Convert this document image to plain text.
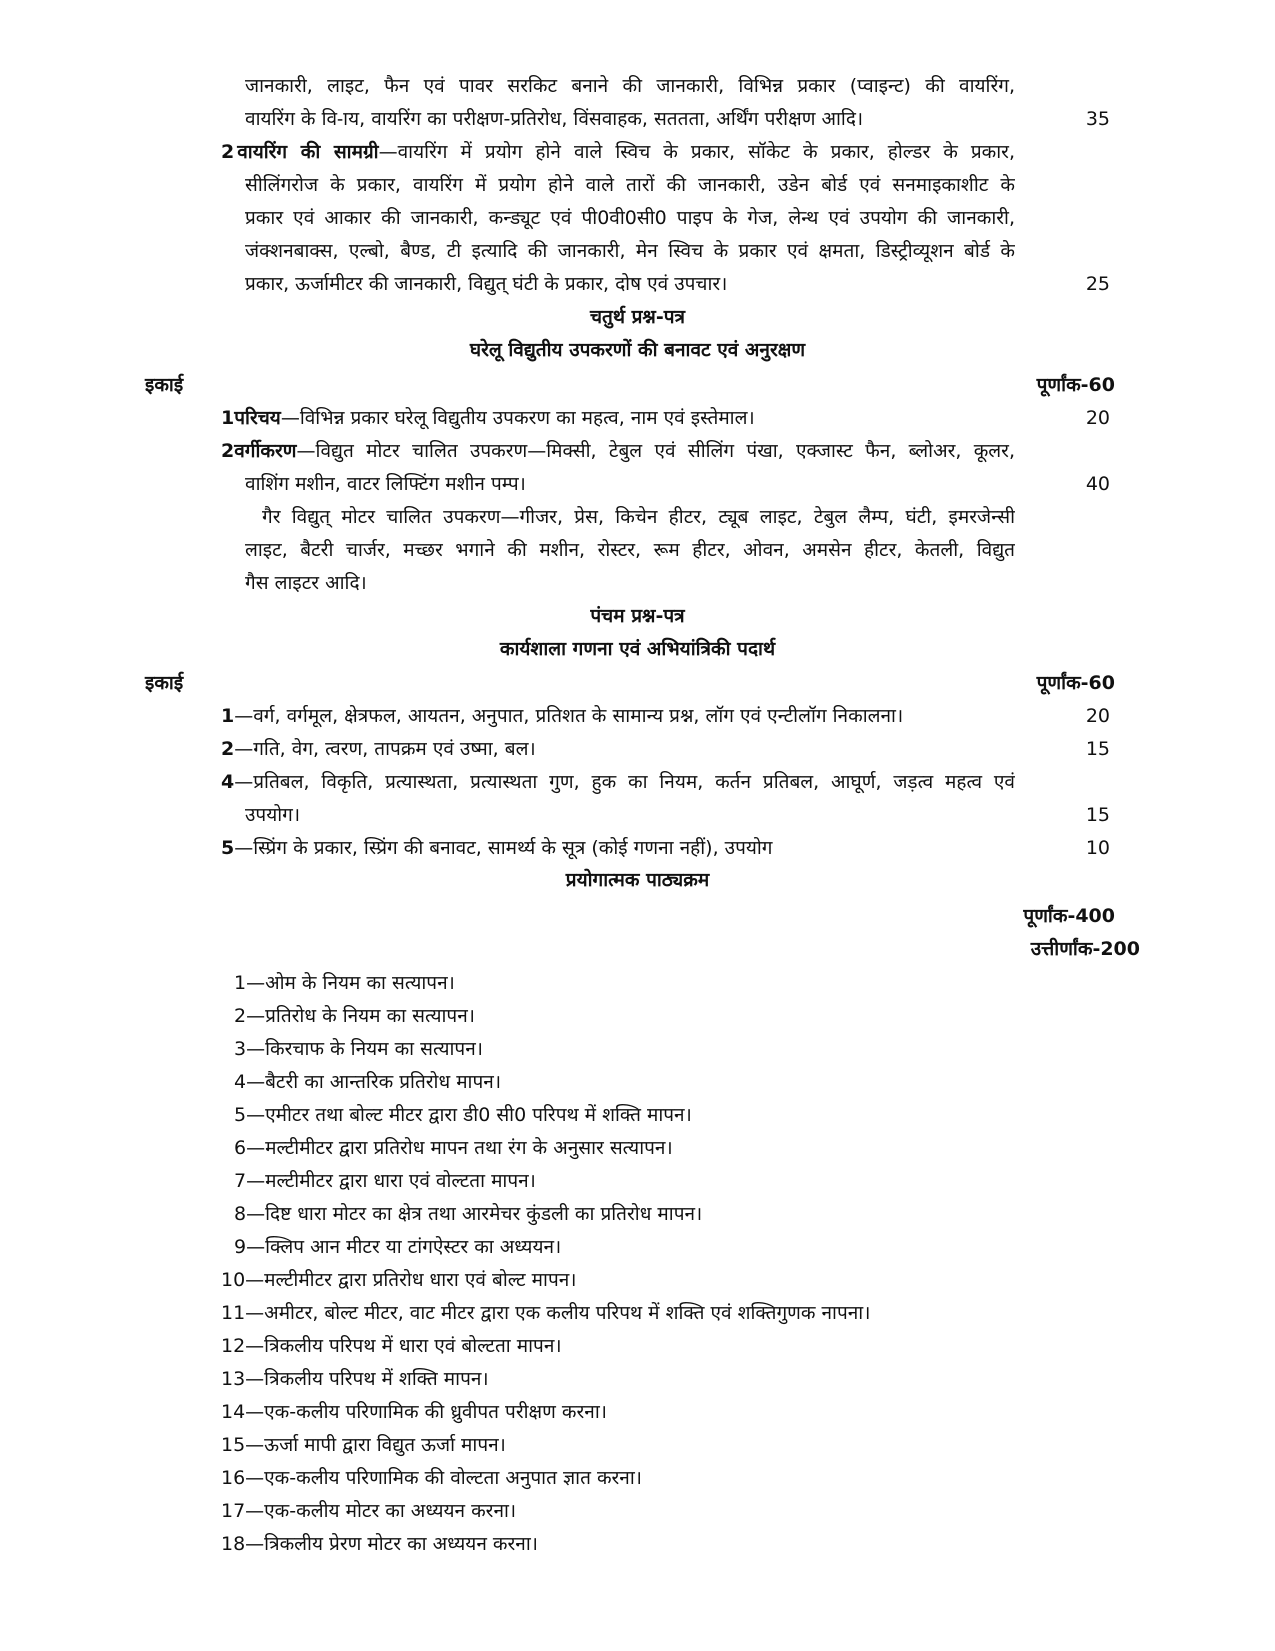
जानकारी, लाइट, फैन एवं पावर सरकिट बनाने की जानकारी, विभिन्न प्रकार (प्वाइन्ट) की वायरिंग,
वायरिंग के वि-ाय, वायरिंग का परीक्षण-प्रतिरोध, विंसवाहक, सततता, अर्थिंग परीक्षण आदि।	35
2 वायरिंग की सामग्री—वायरिंग में प्रयोग होने वाले स्विच के प्रकार, सॉकेट के प्रकार, होल्डर के प्रकार,
सीलिंगरोज के प्रकार, वायरिंग में प्रयोग होने वाले तारों की जानकारी, उडेन बोर्ड एवं सनमाइकाशीट के
प्रकार एवं आकार की जानकारी, कन्ड्यूट एवं पी0वी0सी0 पाइप के गेज, लेन्थ एवं उपयोग की जानकारी,
जंक्शनबाक्स, एल्बो, बैण्ड, टी इत्यादि की जानकारी, मेन स्विच के प्रकार एवं क्षमता, डिस्ट्रीव्यूशन बोर्ड के
प्रकार, ऊर्जामीटर की जानकारी, विद्युत् घंटी के प्रकार, दोष एवं उपचार।	25
चतुर्थ प्रश्न-पत्र
घरेलू विद्युतीय उपकरणों की बनावट एवं अनुरक्षण
इकाई	पूर्णांक-60
1परिचय—विभिन्न प्रकार घरेलू विद्युतीय उपकरण का महत्व, नाम एवं इस्तेमाल।	20
2वर्गीकरण—विद्युत मोटर चालित उपकरण—मिक्सी, टेबुल एवं सीलिंग पंखा, एक्जास्ट फैन, ब्लोअर, कूलर,
वाशिंग मशीन, वाटर लिफ्टिंग मशीन पम्प।	40
गैर विद्युत् मोटर चालित उपकरण—गीजर, प्रेस, किचेन हीटर, ट्यूब लाइट, टेबुल लैम्प, घंटी, इमरजेन्सी
लाइट, बैटरी चार्जर, मच्छर भगाने की मशीन, रोस्टर, रूम हीटर, ओवन, अमसेन हीटर, केतली, विद्युत
गैस लाइटर आदि।
पंचम प्रश्न-पत्र
कार्यशाला गणना एवं अभियांत्रिकी पदार्थ
इकाई	पूर्णांक-60
1—वर्ग, वर्गमूल, क्षेत्रफल, आयतन, अनुपात, प्रतिशत के सामान्य प्रश्न, लॉग एवं एन्टीलॉग निकालना।	20
2—गति, वेग, त्वरण, तापक्रम एवं उष्मा, बल।	15
4—प्रतिबल, विकृति, प्रत्यास्थता, प्रत्यास्थता गुण, हुक का नियम, कर्तन प्रतिबल, आघूर्ण, जड़त्व महत्व एवं
उपयोग।	15
5—स्प्रिंग के प्रकार, स्प्रिंग की बनावट, सामर्थ्य के सूत्र (कोई गणना नहीं), उपयोग	10
प्रयोगात्मक पाठ्यक्रम
पूर्णांक-400
उत्तीर्णांक-200
1—ओम के नियम का सत्यापन।
2—प्रतिरोध के नियम का सत्यापन।
3—किरचाफ के नियम का सत्यापन।
4—बैटरी का आन्तरिक प्रतिरोध मापन।
5—एमीटर तथा बोल्ट मीटर द्वारा डी0 सी0 परिपथ में शक्ति मापन।
6—मल्टीमीटर द्वारा प्रतिरोध मापन तथा रंग के अनुसार सत्यापन।
7—मल्टीमीटर द्वारा धारा एवं वोल्टता मापन।
8—दिष्ट धारा मोटर का क्षेत्र तथा आरमेचर कुंडली का प्रतिरोध मापन।
9—क्लिप आन मीटर या टांगऐस्टर का अध्ययन।
10—मल्टीमीटर द्वारा प्रतिरोध धारा एवं बोल्ट मापन।
11—अमीटर, बोल्ट मीटर, वाट मीटर द्वारा एक कलीय परिपथ में शक्ति एवं शक्तिगुणक नापना।
12—त्रिकलीय परिपथ में धारा एवं बोल्टता मापन।
13—त्रिकलीय परिपथ में शक्ति मापन।
14—एक-कलीय परिणामिक की ध्रुवीपत परीक्षण करना।
15—ऊर्जा मापी द्वारा विद्युत ऊर्जा मापन।
16—एक-कलीय परिणामिक की वोल्टता अनुपात ज्ञात करना।
17—एक-कलीय मोटर का अध्ययन करना।
18—त्रिकलीय प्रेरण मोटर का अध्ययन करना।
